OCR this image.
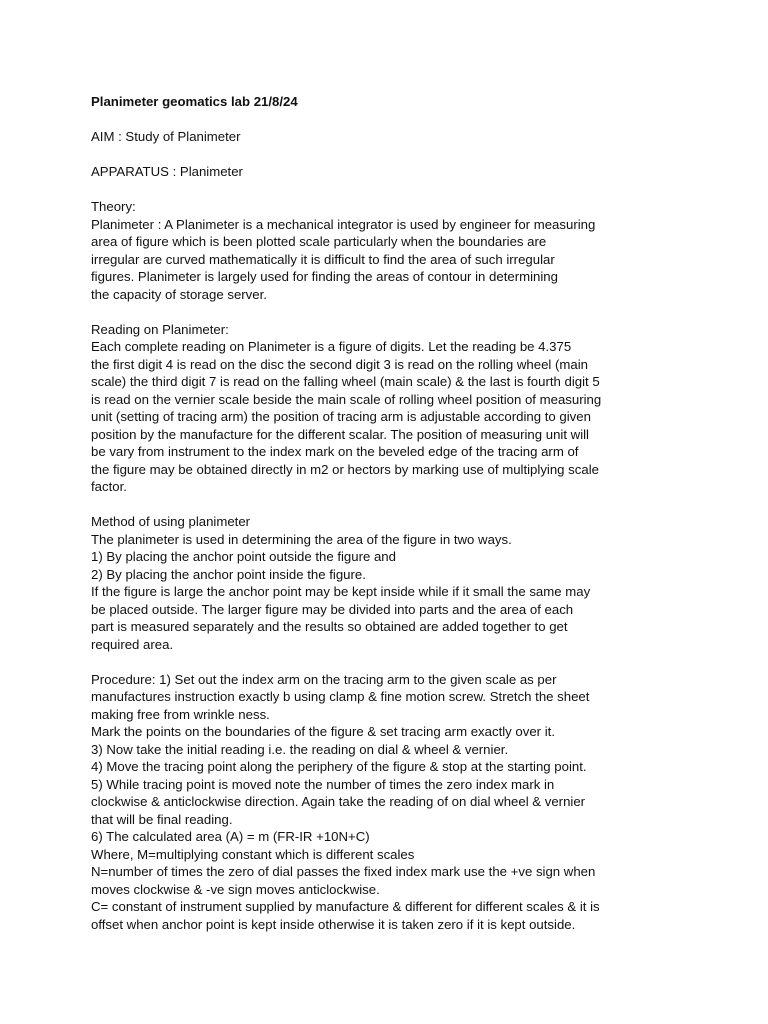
Planimeter geomatics lab 21/8/24
AIM : Study of Planimeter
APPARATUS : Planimeter
Theory:
Planimeter : A Planimeter is a mechanical integrator is used by engineer for measuring
area of figure which is been plotted scale particularly when the boundaries are
irregular are curved mathematically it is difficult to find the area of such irregular
figures. Planimeter is largely used for finding the areas of contour in determining
the capacity of storage server.
Reading on Planimeter:
Each complete reading on Planimeter is a figure of digits. Let the reading be 4.375
the first digit 4 is read on the disc the second digit 3 is read on the rolling wheel (main
scale) the third digit 7 is read on the falling wheel (main scale) & the last is fourth digit 5
is read on the vernier scale beside the main scale of rolling wheel position of measuring
unit (setting of tracing arm) the position of tracing arm is adjustable according to given
position by the manufacture for the different scalar. The position of measuring unit will
be vary from instrument to the index mark on the beveled edge of the tracing arm of
the figure may be obtained directly in m2 or hectors by marking use of multiplying scale
factor.
Method of using planimeter
The planimeter is used in determining the area of the figure in two ways.
1) By placing the anchor point outside the figure and
2) By placing the anchor point inside the figure.
If the figure is large the anchor point may be kept inside while if it small the same may
be placed outside. The larger figure may be divided into parts and the area of each
part is measured separately and the results so obtained are added together to get
required area.
Procedure: 1) Set out the index arm on the tracing arm to the given scale as per
manufactures instruction exactly b using clamp & fine motion screw. Stretch the sheet
making free from wrinkle ness.
Mark the points on the boundaries of the figure & set tracing arm exactly over it.
3) Now take the initial reading i.e. the reading on dial & wheel & vernier.
4) Move the tracing point along the periphery of the figure & stop at the starting point.
5) While tracing point is moved note the number of times the zero index mark in
clockwise & anticlockwise direction. Again take the reading of on dial wheel & vernier
that will be final reading.
6) The calculated area (A) = m (FR-IR +10N+C)
Where, M=multiplying constant which is different scales
N=number of times the zero of dial passes the fixed index mark use the +ve sign when
moves clockwise & -ve sign moves anticlockwise.
C= constant of instrument supplied by manufacture & different for different scales & it is
offset when anchor point is kept inside otherwise it is taken zero if it is kept outside.
